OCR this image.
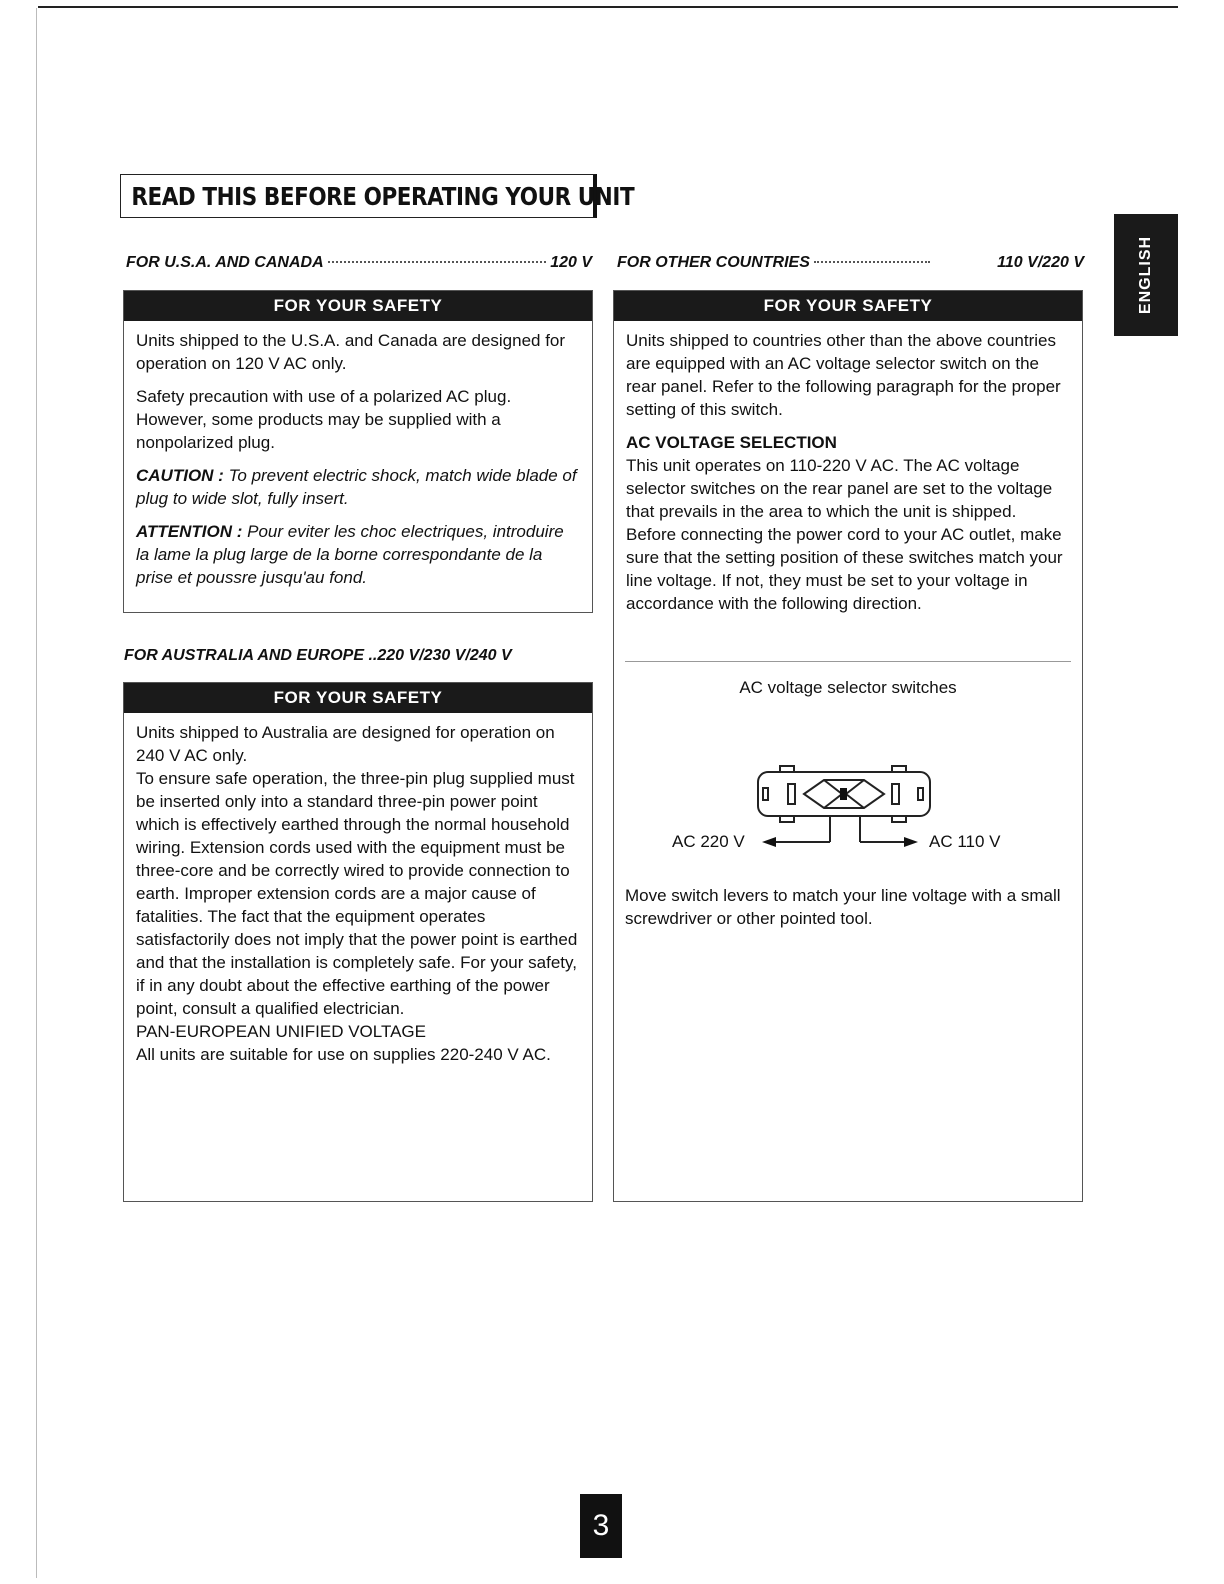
READ THIS BEFORE OPERATING YOUR UNIT
ENGLISH
FOR U.S.A. AND CANADA	120 V
FOR YOUR SAFETY

Units shipped to the U.S.A. and Canada are designed for operation on 120 V AC only.

Safety precaution with use of a polarized AC plug. However, some products may be supplied with a nonpolarized plug.

CAUTION : To prevent electric shock, match wide blade of plug to wide slot, fully insert.

ATTENTION : Pour eviter les choc electriques, introduire la lame la plug large de la borne correspondante de la prise et poussre jusqu'au fond.

FOR AUSTRALIA AND EUROPE ..220 V/230 V/240 V
FOR YOUR SAFETY

Units shipped to Australia are designed for operation on 240 V AC only.

To ensure safe operation, the three-pin plug supplied must be inserted only into a standard three-pin power point which is effectively earthed through the normal household wiring. Extension cords used with the equipment must be three-core and be correctly wired to provide connection to earth. Improper extension cords are a major cause of fatalities. The fact that the equipment operates satisfactorily does not imply that the power point is earthed and that the installation is completely safe. For your safety, if in any doubt about the effective earthing of the power point, consult a qualified electrician.

PAN-EUROPEAN UNIFIED VOLTAGE

All units are suitable for use on supplies 220-240 V AC.

FOR OTHER COUNTRIES	110 V/220 V
FOR YOUR SAFETY

Units shipped to countries other than the above countries are equipped with an AC voltage selector switch on the rear panel. Refer to the following paragraph for the proper setting of this switch.

AC VOLTAGE SELECTION

This unit operates on 110-220 V AC. The AC voltage selector switches on the rear panel are set to the voltage that prevails in the area to which the unit is shipped. Before connecting the power cord to your AC outlet, make sure that the setting position of these switches match your line voltage. If not, they must be set to your voltage in accordance with the following direction.

AC voltage selector switches
AC 220 V	AC 110 V
Move switch levers to match your line voltage with a small screwdriver or other pointed tool.
3
